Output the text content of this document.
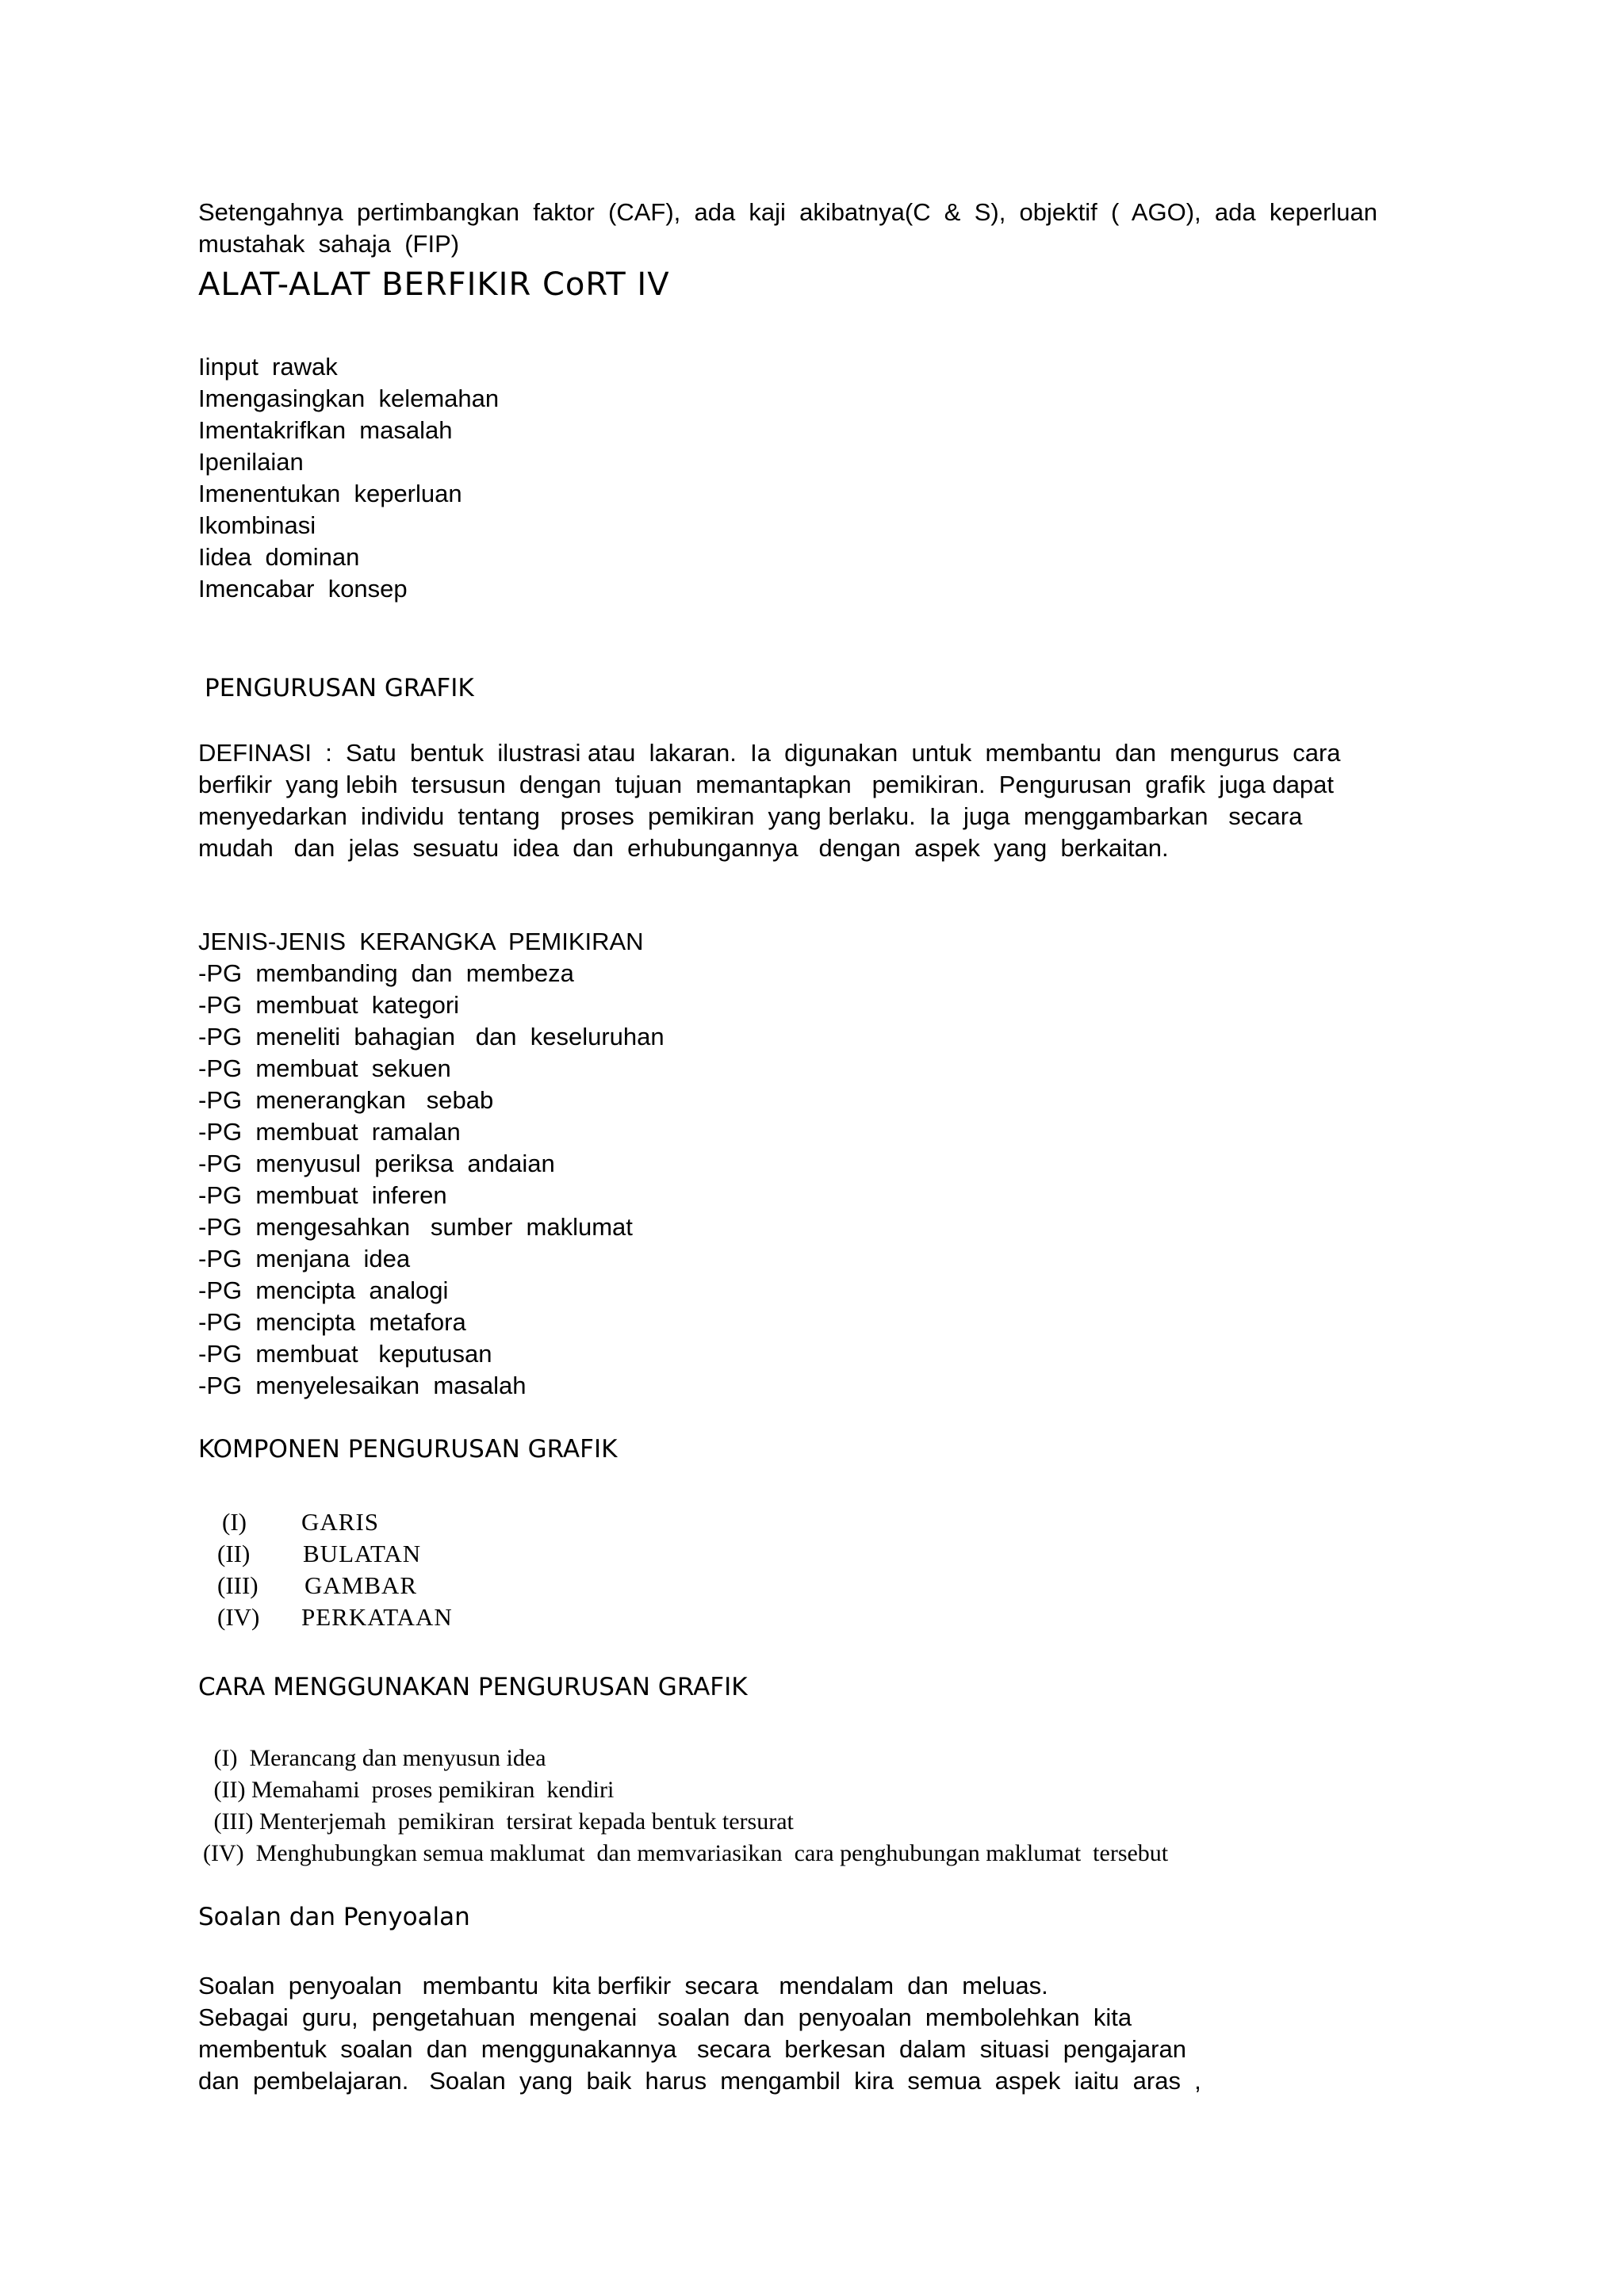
Setengahnya  pertimbangkan  faktor  (CAF),  ada  kaji  akibatnya(C  &  S),  objektif  (  AGO),  ada  keperluan
mustahak  sahaja  (FIP)
ALAT-ALAT BERFIKIR CoRT IV
Iinput  rawak
Imengasingkan  kelemahan
Imentakrifkan  masalah
Ipenilaian
Imenentukan  keperluan
Ikombinasi
Iidea  dominan
Imencabar  konsep
PENGURUSAN GRAFIK
DEFINASI  :  Satu  bentuk  ilustrasi atau  lakaran.  Ia  digunakan  untuk  membantu  dan  mengurus  cara
berfikir  yang lebih  tersusun  dengan  tujuan  memantapkan   pemikiran.  Pengurusan  grafik  juga dapat
menyedarkan  individu  tentang   proses  pemikiran  yang berlaku.  Ia  juga  menggambarkan   secara
mudah   dan  jelas  sesuatu  idea  dan  erhubungannya   dengan  aspek  yang  berkaitan.
JENIS-JENIS  KERANGKA  PEMIKIRAN
-PG  membanding  dan  membeza
-PG  membuat  kategori
-PG  meneliti  bahagian   dan  keseluruhan
-PG  membuat  sekuen
-PG  menerangkan   sebab
-PG  membuat  ramalan
-PG  menyusul  periksa  andaian
-PG  membuat  inferen
-PG  mengesahkan   sumber  maklumat
-PG  menjana  idea
-PG  mencipta  analogi
-PG  mencipta  metafora
-PG  membuat   keputusan
-PG  menyelesaikan  masalah
KOMPONEN PENGURUSAN GRAFIK
(I) GARIS
(II) BULATAN
(III) GAMBAR
(IV) PERKATAAN
CARA MENGGUNAKAN PENGURUSAN GRAFIK
(I)  Merancang dan menyusun idea
(II) Memahami  proses pemikiran  kendiri
(III) Menterjemah  pemikiran  tersirat kepada bentuk tersurat
(IV)  Menghubungkan semua maklumat  dan memvariasikan  cara penghubungan maklumat  tersebut
Soalan dan Penyoalan
Soalan  penyoalan   membantu  kita berfikir  secara   mendalam  dan  meluas.
Sebagai  guru,  pengetahuan  mengenai   soalan  dan  penyoalan  membolehkan  kita
membentuk  soalan  dan  menggunakannya   secara  berkesan  dalam  situasi  pengajaran
dan  pembelajaran.   Soalan  yang  baik  harus  mengambil  kira  semua  aspek  iaitu  aras  ,
